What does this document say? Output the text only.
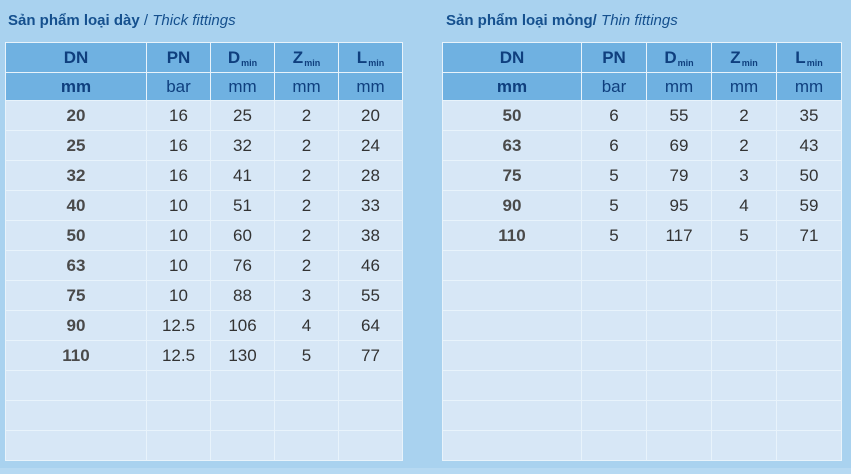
Sản phẩm loại dày / Thick fittings
DN	PN	$D_{min}$	$Z_{min}$	$L_{min}$
mm	bar	mm	mm	mm
20	16	25	2	20
25	16	32	2	24
32	16	41	2	28
40	10	51	2	33
50	10	60	2	38
63	10	76	2	46
75	10	88	3	55
90	12.5	106	4	64
110	12.5	130	5	77

Sản phẩm loại mỏng/ Thin fittings
DN	PN	$D_{min}$	$Z_{min}$	$L_{min}$
mm	bar	mm	mm	mm
50	6	55	2	35
63	6	69	2	43
75	5	79	3	50
90	5	95	4	59
110	5	117	5	71
